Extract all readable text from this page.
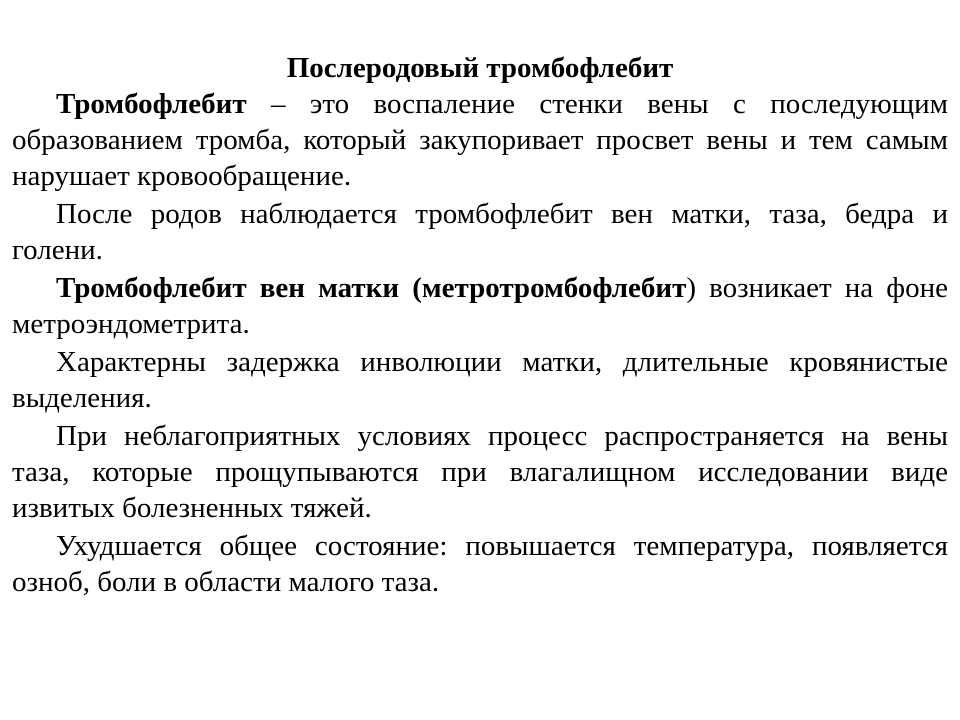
Послеродовый тромбофлебит

Тромбофлебит – это воспаление стенки вены с последующим образованием тромба, который закупоривает просвет вены и тем самым нарушает кровообращение.

После родов наблюдается тромбофлебит вен матки, таза, бедра и голени.

Тромбофлебит вен матки (метротромбофлебит) возникает на фоне метроэндометрита.

Характерны задержка инволюции матки, длительные кровянистые выделения.

При неблагоприятных условиях процесс распространяется на вены таза, которые прощупываются при влагалищном исследовании виде извитых болезненных тяжей.

Ухудшается общее состояние: повышается температура, появляется озноб, боли в области малого таза.
